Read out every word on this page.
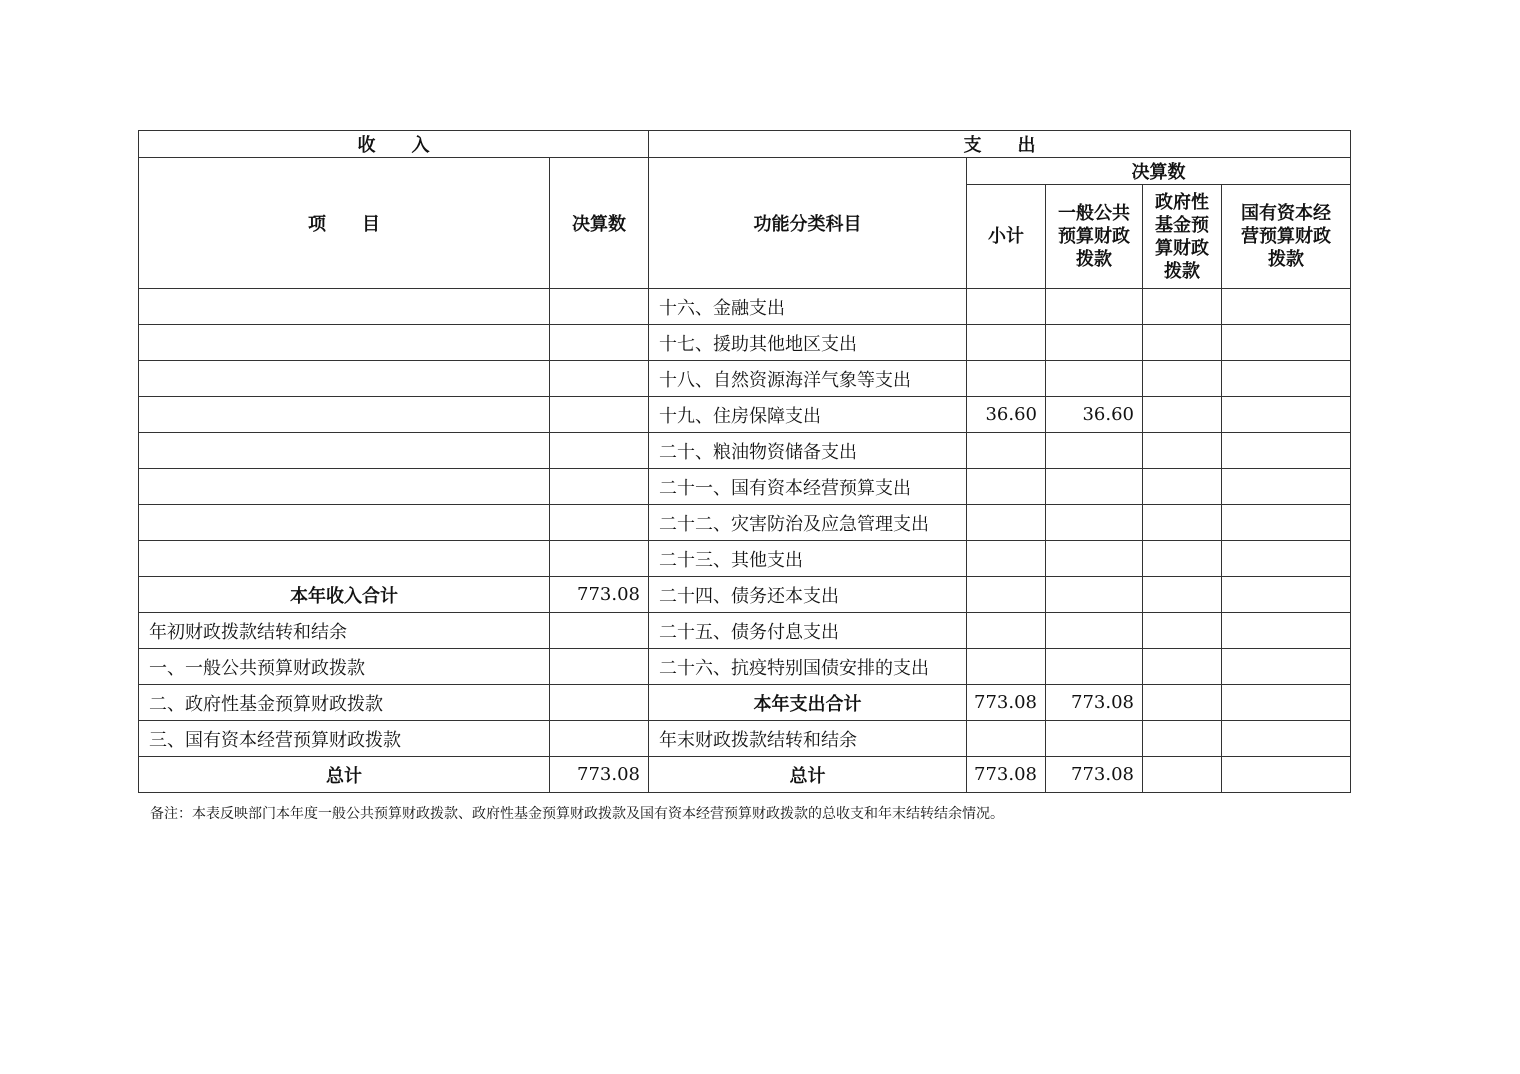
收　　入		支　　出				
项　　目	决算数	功能分类科目	决算数			
			小计	一般公共预算财政拨款	政府性基金预算财政拨款	国有资本经营预算财政拨款
		十六、金融支出				
		十七、援助其他地区支出				
		十八、自然资源海洋气象等支出				
		十九、住房保障支出	36.60	36.60		
		二十、粮油物资储备支出				
		二十一、国有资本经营预算支出				
		二十二、灾害防治及应急管理支出				
		二十三、其他支出				
本年收入合计	773.08	二十四、债务还本支出				
年初财政拨款结转和结余		二十五、债务付息支出				
一、一般公共预算财政拨款		二十六、抗疫特别国债安排的支出				
二、政府性基金预算财政拨款		本年支出合计	773.08	773.08		
三、国有资本经营预算财政拨款		年末财政拨款结转和结余				
总计	773.08	总计	773.08	773.08		
备注：本表反映部门本年度一般公共预算财政拨款、政府性基金预算财政拨款及国有资本经营预算财政拨款的总收支和年末结转结余情况。
